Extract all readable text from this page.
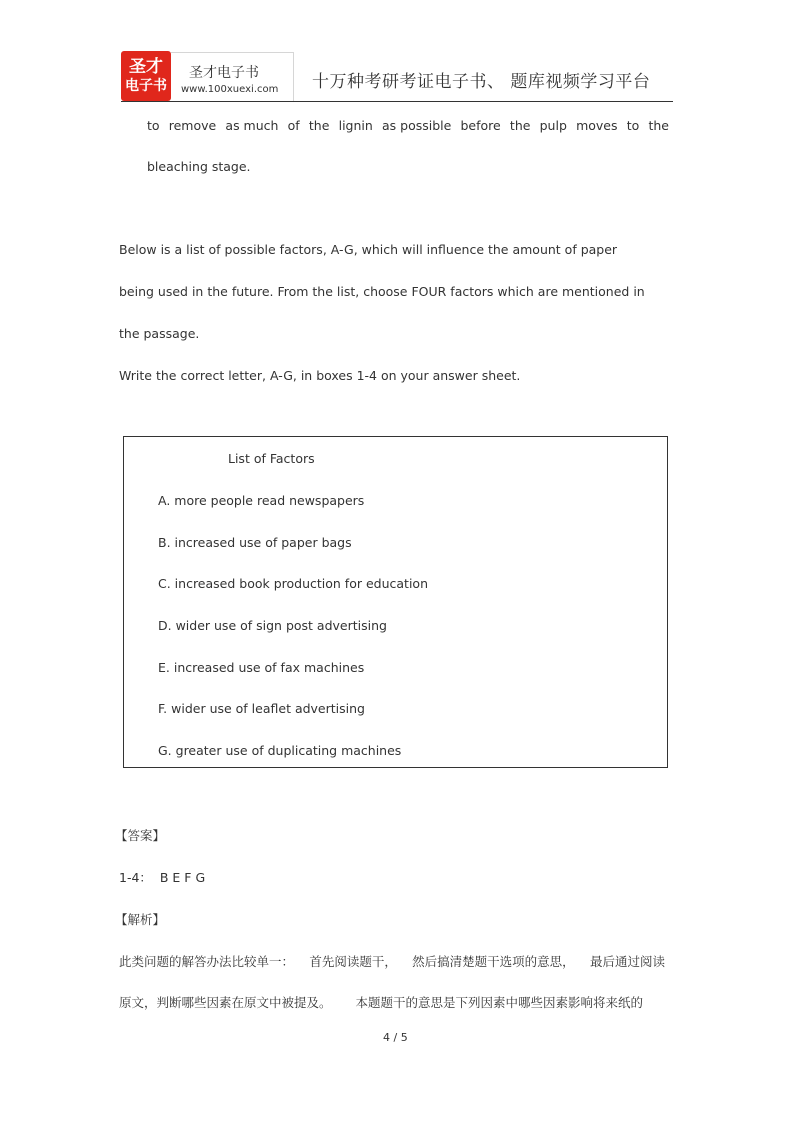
圣才
电子书
圣才电子书
www.100xuexi.com 十万种考研考证电子书、 题库视频学习平台
to remove as much of the lignin as possible before the pulp moves to the
bleaching stage.
Below is a list of possible factors, A-G, which will influence the amount of paper
being used in the future. From the list, choose FOUR factors which are mentioned in
the passage.
Write the correct letter, A-G, in boxes 1-4 on your answer sheet.
List of Factors
A. more people read newspapers
B. increased use of paper bags
C. increased book production for education
D. wider use of sign post advertising
E. increased use of fax machines
F. wider use of leaflet advertising
G. greater use of duplicating machines
【答案】
1-4：  B E F G
【解析】
此类问题的解答办法比较单一： 首先阅读题干， 然后搞清楚题干选项的意思， 最后通过阅读
原文，判断哪些因素在原文中被提及。 本题题干的意思是下列因素中哪些因素影响将来纸的
4 / 5
